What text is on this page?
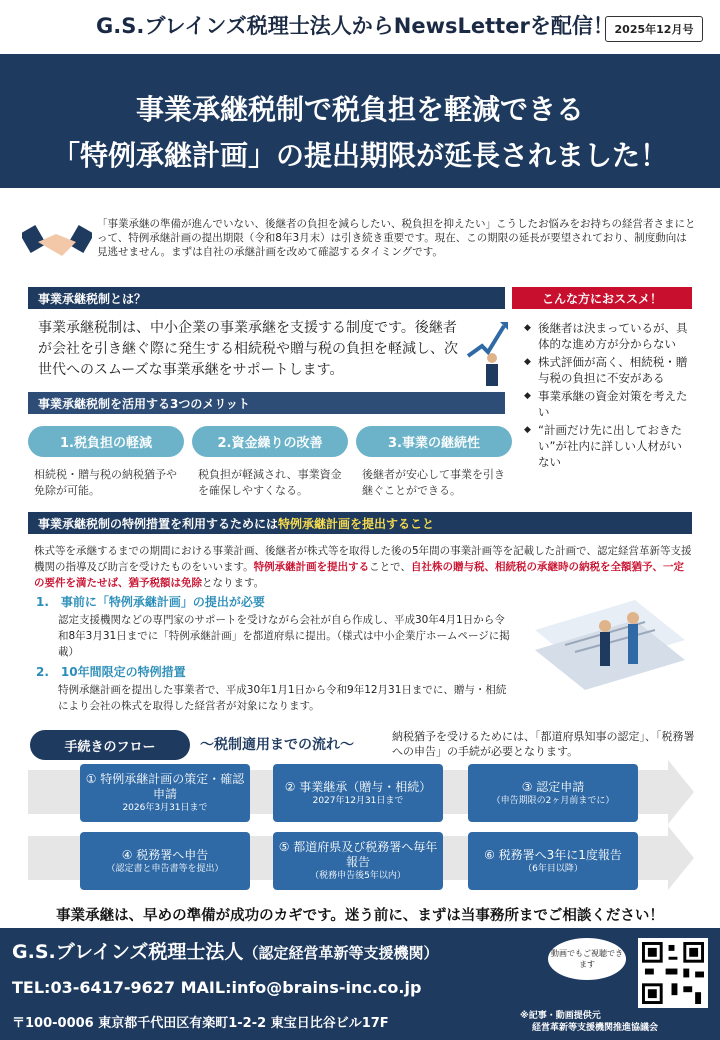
G.S.ブレインズ税理士法人からNewsLetterを配信！ 2025年12月号
事業承継税制で税負担を軽減できる
「特例承継計画」の提出期限が延長されました！
「事業承継の準備が進んでいない、後継者の負担を減らしたい、税負担を抑えたい」こうしたお悩みをお持ちの経営者さまにとって、特例承継計画の提出期限（令和8年3月末）は引き続き重要です。現在、この期限の延長が要望されており、制度動向は見逃せません。まずは自社の承継計画を改めて確認するタイミングです。
事業承継税制とは？
事業承継税制は、中小企業の事業承継を支援する制度です。後継者が会社を引き継ぐ際に発生する相続税や贈与税の負担を軽減し、次世代へのスムーズな事業承継をサポートします。
こんな方におススメ！
◆ 後継者は決まっているが、具体的な進め方が分からない
◆ 株式評価が高く、相続税・贈与税の負担に不安がある
◆ 事業承継の資金対策を考えたい
◆ “計画だけ先に出しておきたい”が社内に詳しい人材がいない
事業承継税制を活用する3つのメリット
1.税負担の軽減	2.資金繰りの改善	3.事業の継続性
相続税・贈与税の納税猶予や免除が可能。
税負担が軽減され、事業資金を確保しやすくなる。
後継者が安心して事業を引き継ぐことができる。
事業承継税制の特例措置を利用するためには 特例承継計画を提出すること
株式等を承継するまでの期間における事業計画、後継者が株式等を取得した後の5年間の事業計画等を記載した計画で、認定経営革新等支援機関の指導及び助言を受けたものをいいます。特例承継計画を提出することで、自社株の贈与税、相続税の承継時の納税を全額猶予、一定の要件を満たせば、猶予税額は免除となります。
1.　事前に「特例承継計画」の提出が必要
認定支援機関などの専門家のサポートを受けながら会社が自ら作成し、平成30年4月1日から令和8年3月31日までに「特例承継計画」を都道府県に提出。（様式は中小企業庁ホームページに掲載）
2.　10年間限定の特例措置
特例承継計画を提出した事業者で、平成30年1月1日から令和9年12月31日までに、贈与・相続により会社の株式を取得した経営者が対象になります。
手続きのフロー	～税制適用までの流れ～
納税猶予を受けるためには、「都道府県知事の認定」、「税務署への申告」の手続が必要となります。
① 特例承継計画の策定・確認申請
2026年3月31日まで
② 事業継承（贈与・相続）
2027年12月31日まで
③ 認定申請
（申告期限の2ヶ月前までに）
④ 税務署へ申告
（認定書と申告書等を提出）
⑤ 都道府県及び税務署へ毎年報告
（税務申告後5年以内）
⑥ 税務署へ3年に1度報告
（6年目以降）
事業承継は、早めの準備が成功のカギです。迷う前に、まずは当事務所までご相談ください！
G.S.ブレインズ税理士法人（認定経営革新等支援機関）
TEL:03-6417-9627 MAIL:info@brains-inc.co.jp
〒100-0006 東京都千代田区有楽町1-2-2 東宝日比谷ビル17F
動画でもご視聴できます
※記事・動画提供元
経営革新等支援機関推進協議会
